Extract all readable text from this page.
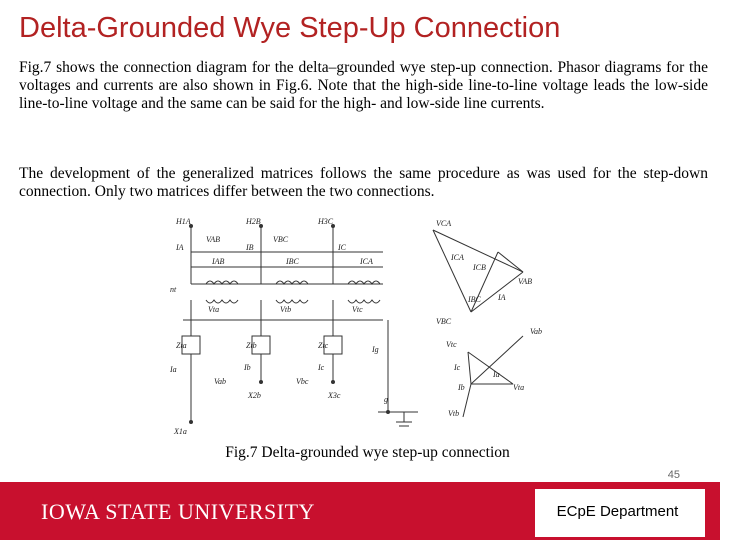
Delta-Grounded Wye Step-Up Connection

Fig.7 shows the connection diagram for the delta–grounded wye step-up connection. Phasor diagrams for the voltages and currents are also shown in Fig.6. Note that the high-side line-to-line voltage leads the low-side line-to-line voltage and the same can be said for the high- and low-side line currents.

The development of the generalized matrices follows the same procedure as was used for the step-down connection. Only two matrices differ between the two connections.

H1A	H2B	H3C
IA	IB	IC
VAB	VBC
IAB	IBC	ICA
nt
Vta	Vtb	Vtc
Zta	Ztb	Ztc
Ia	Ib	Ic
Ig
Vab	Vbc
X1a
X2b	X3c	g
VCA
ICA
ICB
IA
VAB
IBC
VBC
Vab
Vtc
Ic
Ia
Vta
Ib
Vtb
Fig.7 Delta-grounded wye step-up connection
45
IOWA STATE UNIVERSITY	ECpE Department
